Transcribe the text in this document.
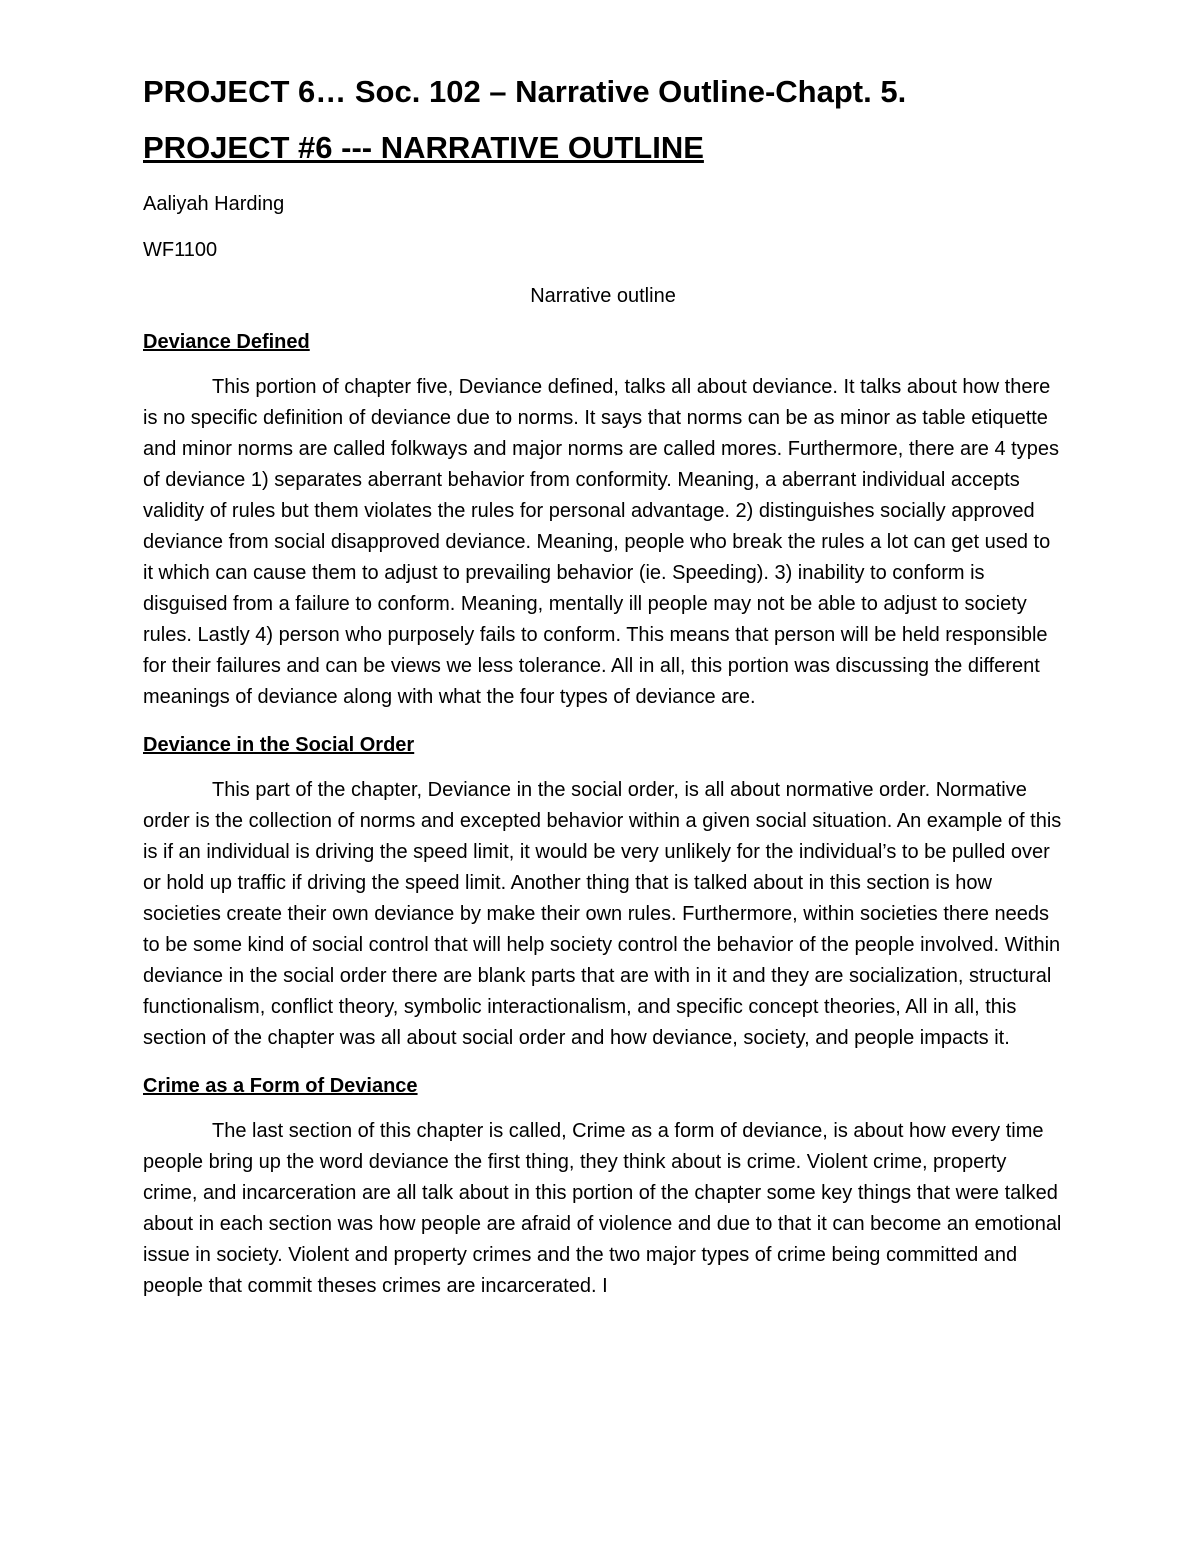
PROJECT 6… Soc. 102 – Narrative Outline-Chapt. 5.
PROJECT #6 --- NARRATIVE OUTLINE

Aaliyah Harding

WF1100

Narrative outline

Deviance Defined

This portion of chapter five, Deviance defined, talks all about deviance. It talks about how there is no specific definition of deviance due to norms. It says that norms can be as minor as table etiquette and minor norms are called folkways and major norms are called mores. Furthermore, there are 4 types of deviance 1) separates aberrant behavior from conformity. Meaning, a aberrant individual accepts validity of rules but them violates the rules for personal advantage. 2) distinguishes socially approved deviance from social disapproved deviance. Meaning, people who break the rules a lot can get used to it which can cause them to adjust to prevailing behavior (ie. Speeding). 3) inability to conform is disguised from a failure to conform. Meaning, mentally ill people may not be able to adjust to society rules. Lastly 4) person who purposely fails to conform. This means that person will be held responsible for their failures and can be views we less tolerance. All in all, this portion was discussing the different meanings of deviance along with what the four types of deviance are.

Deviance in the Social Order

This part of the chapter, Deviance in the social order, is all about normative order. Normative order is the collection of norms and excepted behavior within a given social situation. An example of this is if an individual is driving the speed limit, it would be very unlikely for the individual’s to be pulled over or hold up traffic if driving the speed limit. Another thing that is talked about in this section is how societies create their own deviance by make their own rules. Furthermore, within societies there needs to be some kind of social control that will help society control the behavior of the people involved. Within deviance in the social order there are blank parts that are with in it and they are socialization, structural functionalism, conflict theory, symbolic interactionalism, and specific concept theories, All in all, this section of the chapter was all about social order and how deviance, society, and people impacts it.

Crime as a Form of Deviance

The last section of this chapter is called, Crime as a form of deviance, is about how every time people bring up the word deviance the first thing, they think about is crime. Violent crime, property crime, and incarceration are all talk about in this portion of the chapter some key things that were talked about in each section was how people are afraid of violence and due to that it can become an emotional issue in society. Violent and property crimes and the two major types of crime being committed and people that commit theses crimes are incarcerated. I
